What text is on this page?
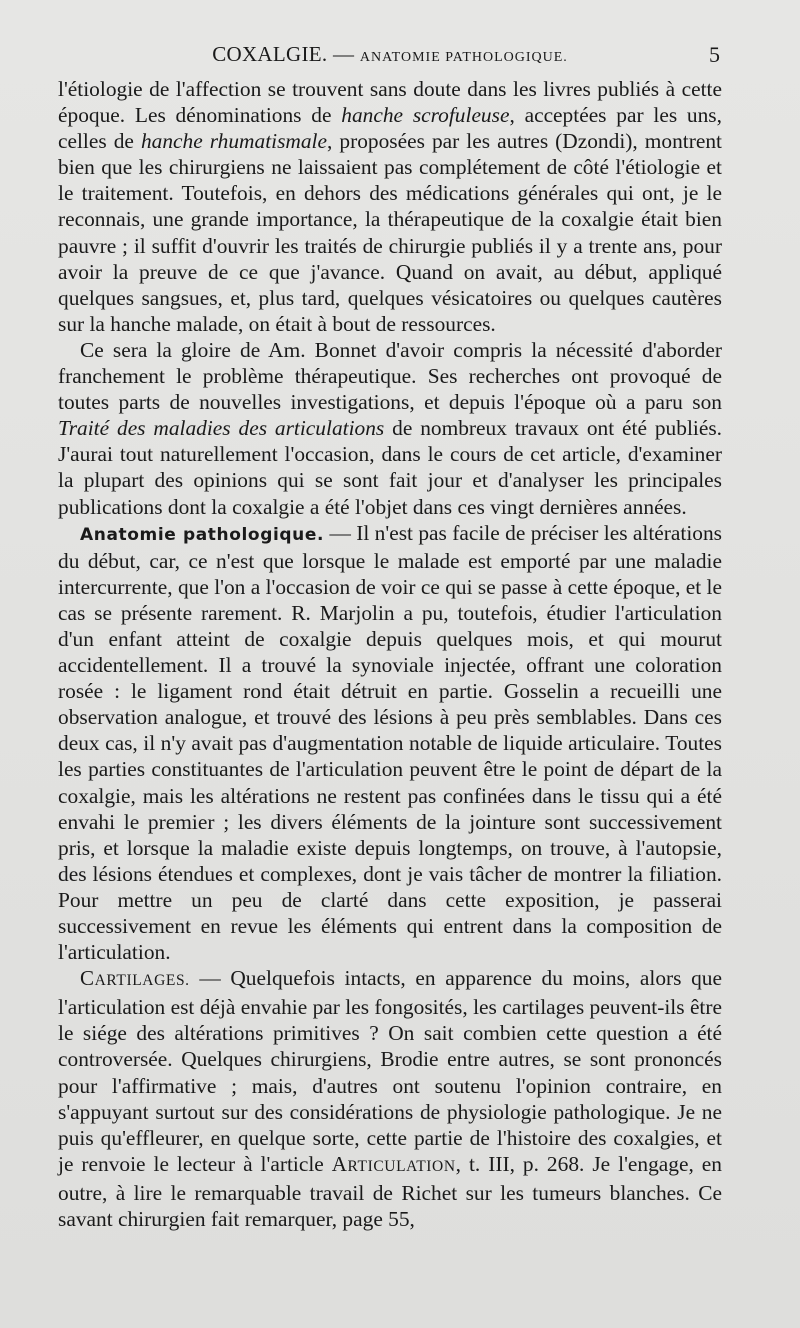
COXALGIE. — ANATOMIE PATHOLOGIQUE.	5

l'étiologie de l'affection se trouvent sans doute dans les livres publiés à cette époque. Les dénominations de hanche scrofuleuse, acceptées par les uns, celles de hanche rhumatismale, proposées par les autres (Dzondi), montrent bien que les chirurgiens ne laissaient pas complétement de côté l'étiologie et le traitement. Toutefois, en dehors des médications générales qui ont, je le reconnais, une grande importance, la thérapeutique de la coxalgie était bien pauvre ; il suffit d'ouvrir les traités de chirurgie publiés il y a trente ans, pour avoir la preuve de ce que j'avance. Quand on avait, au début, appliqué quelques sangsues, et, plus tard, quelques vésicatoires ou quelques cautères sur la hanche malade, on était à bout de ressources.

Ce sera la gloire de Am. Bonnet d'avoir compris la nécessité d'aborder franchement le problème thérapeutique. Ses recherches ont provoqué de toutes parts de nouvelles investigations, et depuis l'époque où a paru son Traité des maladies des articulations de nombreux travaux ont été publiés. J'aurai tout naturellement l'occasion, dans le cours de cet article, d'examiner la plupart des opinions qui se sont fait jour et d'analyser les principales publications dont la coxalgie a été l'objet dans ces vingt dernières années.

Anatomie pathologique. — Il n'est pas facile de préciser les altérations du début, car, ce n'est que lorsque le malade est emporté par une maladie intercurrente, que l'on a l'occasion de voir ce qui se passe à cette époque, et le cas se présente rarement. R. Marjolin a pu, toutefois, étudier l'articulation d'un enfant atteint de coxalgie depuis quelques mois, et qui mourut accidentellement. Il a trouvé la synoviale injectée, offrant une coloration rosée : le ligament rond était détruit en partie. Gosselin a recueilli une observation analogue, et trouvé des lésions à peu près semblables. Dans ces deux cas, il n'y avait pas d'augmentation notable de liquide articulaire. Toutes les parties constituantes de l'articulation peuvent être le point de départ de la coxalgie, mais les altérations ne restent pas confinées dans le tissu qui a été envahi le premier ; les divers éléments de la jointure sont successivement pris, et lorsque la maladie existe depuis longtemps, on trouve, à l'autopsie, des lésions étendues et complexes, dont je vais tâcher de montrer la filiation. Pour mettre un peu de clarté dans cette exposition, je passerai successivement en revue les éléments qui entrent dans la composition de l'articulation.

CARTILAGES. — Quelquefois intacts, en apparence du moins, alors que l'articulation est déjà envahie par les fongosités, les cartilages peuvent-ils être le siége des altérations primitives ? On sait combien cette question a été controversée. Quelques chirurgiens, Brodie entre autres, se sont prononcés pour l'affirmative ; mais, d'autres ont soutenu l'opinion contraire, en s'appuyant surtout sur des considérations de physiologie pathologique. Je ne puis qu'effleurer, en quelque sorte, cette partie de l'histoire des coxalgies, et je renvoie le lecteur à l'article ARTICULATION, t. III, p. 268. Je l'engage, en outre, à lire le remarquable travail de Richet sur les tumeurs blanches. Ce savant chirurgien fait remarquer, page 55,
